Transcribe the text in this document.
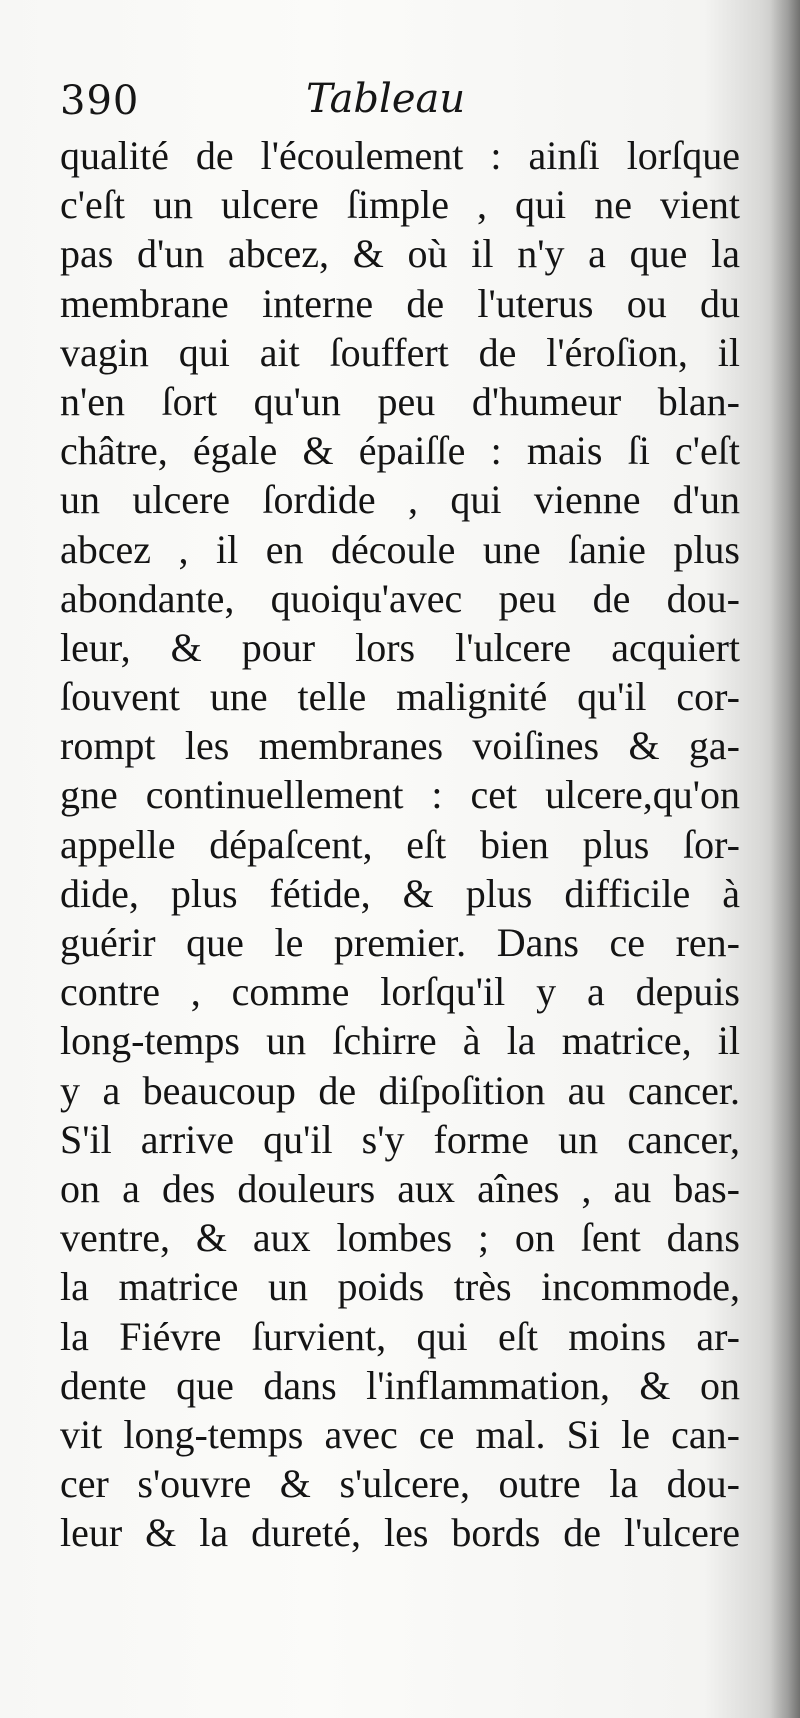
390	Tableau
qualité de l'écoulement : ainſi lorſque
c'eſt un ulcere ſimple , qui ne vient
pas d'un abcez, & où il n'y a que la
membrane interne de l'uterus ou du
vagin qui ait ſouffert de l'éroſion, il
n'en ſort qu'un peu d'humeur blan-
châtre, égale & épaiſſe : mais ſi c'eſt
un ulcere ſordide , qui vienne d'un
abcez , il en découle une ſanie plus
abondante, quoiqu'avec peu de dou-
leur, & pour lors l'ulcere acquiert
ſouvent une telle malignité qu'il cor-
rompt les membranes voiſines & ga-
gne continuellement : cet ulcere,qu'on
appelle dépaſcent, eſt bien plus ſor-
dide, plus fétide, & plus difficile à
guérir que le premier. Dans ce ren-
contre , comme lorſqu'il y a depuis
long-temps un ſchirre à la matrice, il
y a beaucoup de diſpoſition au cancer.
S'il arrive qu'il s'y forme un cancer,
on a des douleurs aux aînes , au bas-
ventre, & aux lombes ; on ſent dans
la matrice un poids très incommode,
la Fiévre ſurvient, qui eſt moins ar-
dente que dans l'inflammation, & on
vit long-temps avec ce mal. Si le can-
cer s'ouvre & s'ulcere, outre la dou-
leur & la dureté, les bords de l'ulcere
